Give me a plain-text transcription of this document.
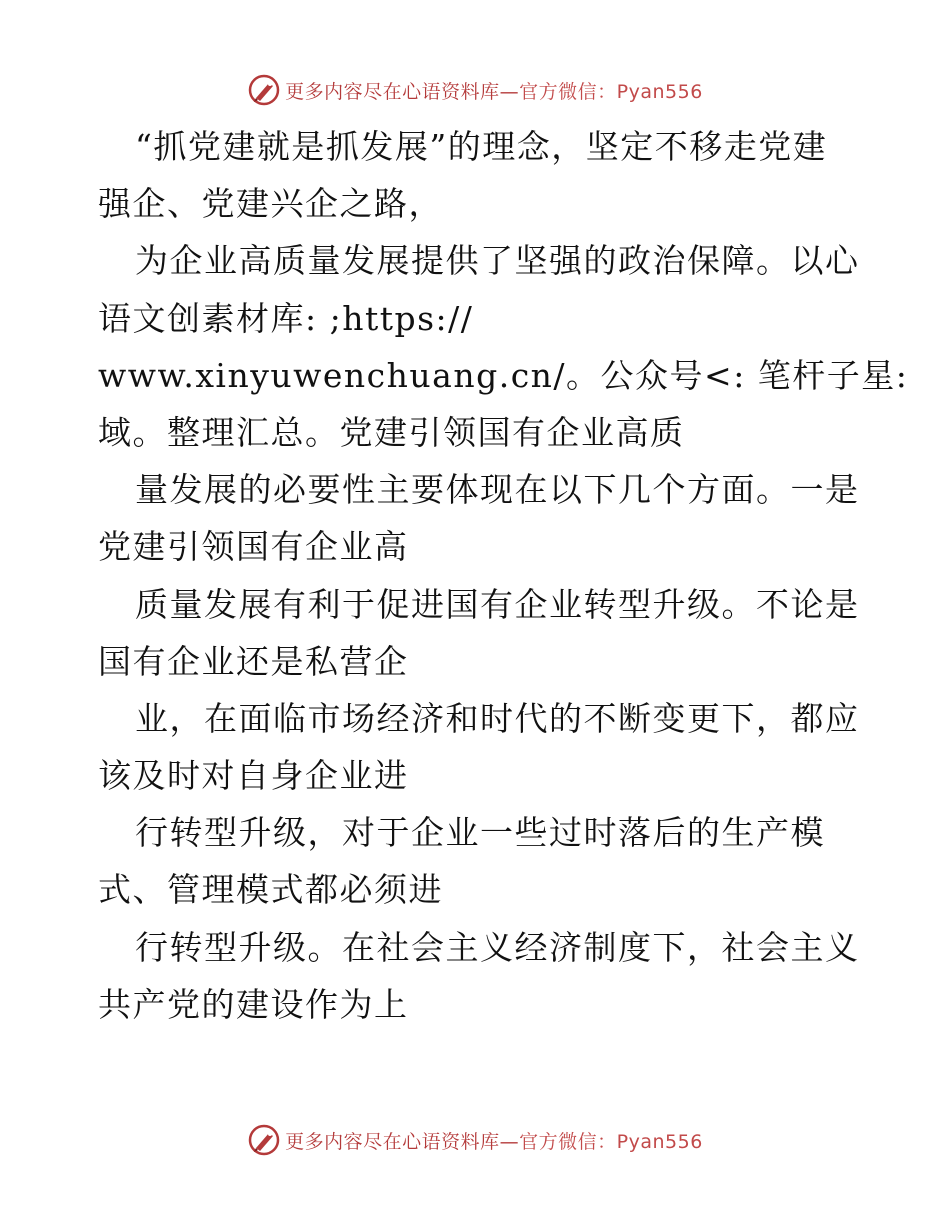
更多内容尽在心语资料库—官方微信：Pyan556
“抓党建就是抓发展”的理念，坚定不移走党建
强企、党建兴企之路，
为企业高质量发展提供了坚强的政治保障。以心
语文创素材库: ;https://
www.xinyuwenchuang.cn/。公众号<: 笔杆子星:
域。整理汇总。党建引领国有企业高质
量发展的必要性主要体现在以下几个方面。一是
党建引领国有企业高
质量发展有利于促进国有企业转型升级。不论是
国有企业还是私营企
业，在面临市场经济和时代的不断变更下，都应
该及时对自身企业进
行转型升级，对于企业一些过时落后的生产模
式、管理模式都必须进
行转型升级。在社会主义经济制度下，社会主义
共产党的建设作为上
更多内容尽在心语资料库—官方微信：Pyan556
